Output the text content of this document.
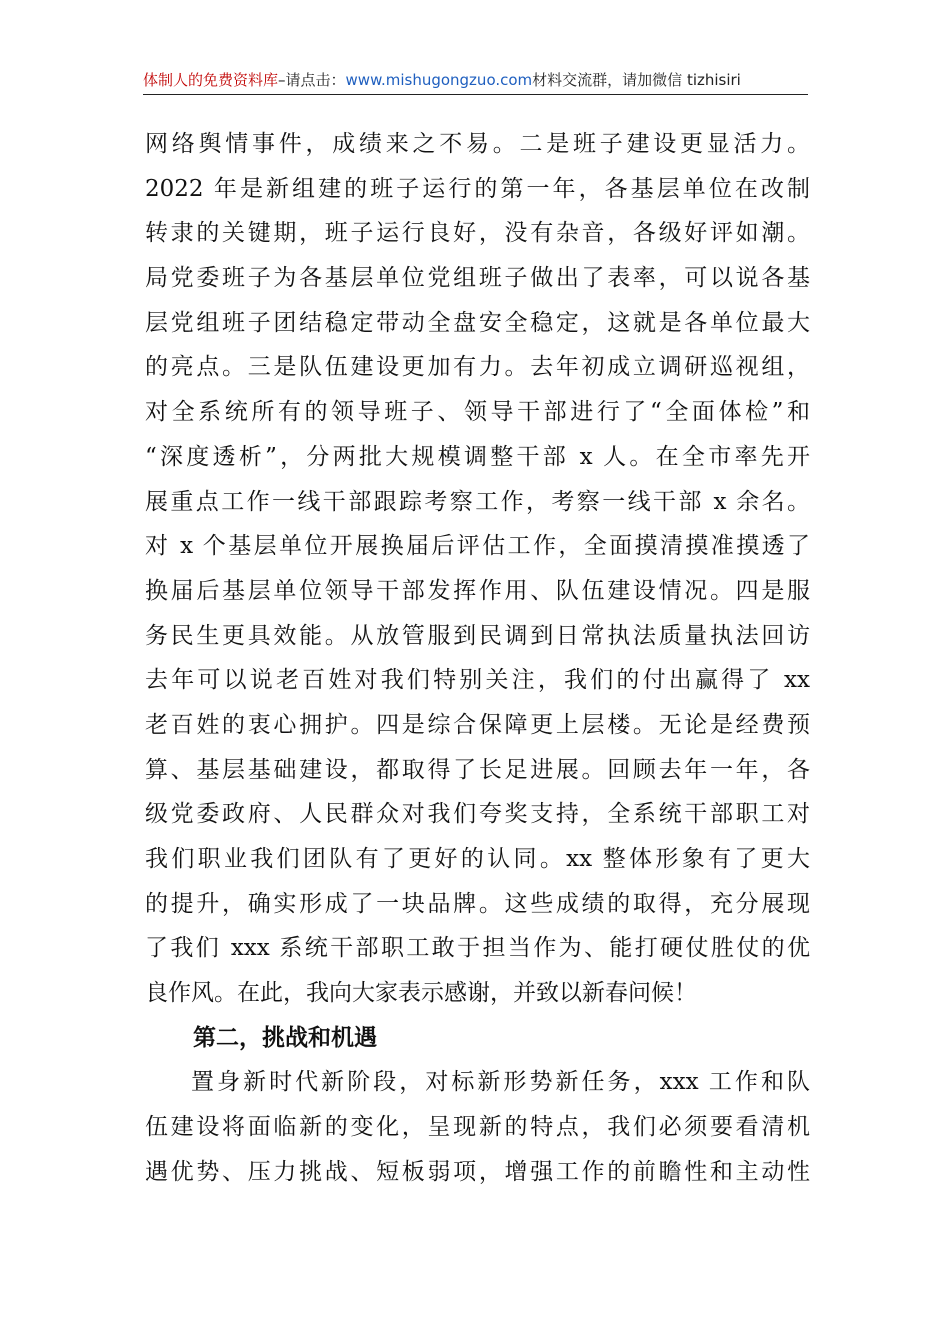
体制人的免费资料库–请点击：www.mishugongzuo.com材料交流群，请加微信 tizhisiri
网络舆情事件，成绩来之不易。二是班子建设更显活力。
2022 年是新组建的班子运行的第一年，各基层单位在改制
转隶的关键期，班子运行良好，没有杂音，各级好评如潮。
局党委班子为各基层单位党组班子做出了表率，可以说各基
层党组班子团结稳定带动全盘安全稳定，这就是各单位最大
的亮点。三是队伍建设更加有力。去年初成立调研巡视组，
对全系统所有的领导班子、领导干部进行了“全面体检”和
“深度透析”，分两批大规模调整干部 x 人。在全市率先开
展重点工作一线干部跟踪考察工作，考察一线干部 x 余名。
对 x 个基层单位开展换届后评估工作，全面摸清摸准摸透了
换届后基层单位领导干部发挥作用、队伍建设情况。四是服
务民生更具效能。从放管服到民调到日常执法质量执法回访
去年可以说老百姓对我们特别关注，我们的付出赢得了 xx
老百姓的衷心拥护。四是综合保障更上层楼。无论是经费预
算、基层基础建设，都取得了长足进展。回顾去年一年，各
级党委政府、人民群众对我们夸奖支持，全系统干部职工对
我们职业我们团队有了更好的认同。xx 整体形象有了更大
的提升，确实形成了一块品牌。这些成绩的取得，充分展现
了我们 xxx 系统干部职工敢于担当作为、能打硬仗胜仗的优
良作风。在此，我向大家表示感谢，并致以新春问候！
第二，挑战和机遇
置身新时代新阶段，对标新形势新任务，xxx 工作和队
伍建设将面临新的变化，呈现新的特点，我们必须要看清机
遇优势、压力挑战、短板弱项，增强工作的前瞻性和主动性
